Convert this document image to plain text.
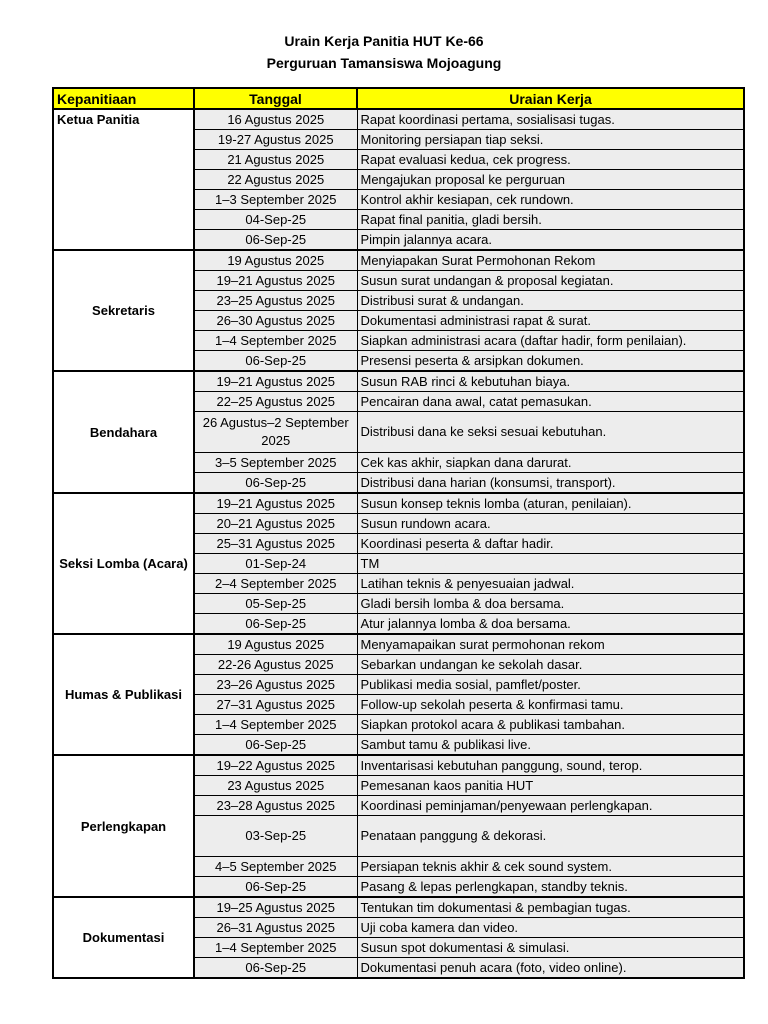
Urain Kerja Panitia HUT Ke-66
Perguruan Tamansiswa Mojoagung
Kepanitiaan	Tanggal	Uraian Kerja
Ketua Panitia	16 Agustus 2025	Rapat koordinasi pertama, sosialisasi tugas.
	19-27 Agustus 2025	Monitoring persiapan tiap seksi.
	21 Agustus 2025	Rapat evaluasi kedua, cek progress.
	22 Agustus 2025	Mengajukan proposal ke perguruan
	1–3 September 2025	Kontrol akhir kesiapan, cek rundown.
	04-Sep-25	Rapat final panitia, gladi bersih.
	06-Sep-25	Pimpin jalannya acara.
Sekretaris	19 Agustus 2025	Menyiapakan Surat Permohonan Rekom
	19–21 Agustus 2025	Susun surat undangan & proposal kegiatan.
	23–25 Agustus 2025	Distribusi surat & undangan.
	26–30 Agustus 2025	Dokumentasi administrasi rapat & surat.
	1–4 September 2025	Siapkan administrasi acara (daftar hadir, form penilaian).
	06-Sep-25	Presensi peserta & arsipkan dokumen.
Bendahara	19–21 Agustus 2025	Susun RAB rinci & kebutuhan biaya.
	22–25 Agustus 2025	Pencairan dana awal, catat pemasukan.
	26 Agustus–2 September 2025	Distribusi dana ke seksi sesuai kebutuhan.
	3–5 September 2025	Cek kas akhir, siapkan dana darurat.
	06-Sep-25	Distribusi dana harian (konsumsi, transport).
Seksi Lomba (Acara)	19–21 Agustus 2025	Susun konsep teknis lomba (aturan, penilaian).
	20–21 Agustus 2025	Susun rundown acara.
	25–31 Agustus 2025	Koordinasi peserta & daftar hadir.
	01-Sep-24	TM
	2–4 September 2025	Latihan teknis & penyesuaian jadwal.
	05-Sep-25	Gladi bersih lomba & doa bersama.
	06-Sep-25	Atur jalannya lomba & doa bersama.
Humas & Publikasi	19 Agustus 2025	Menyamapaikan surat permohonan rekom
	22-26 Agustus 2025	Sebarkan undangan ke sekolah dasar.
	23–26 Agustus 2025	Publikasi media sosial, pamflet/poster.
	27–31 Agustus 2025	Follow-up sekolah peserta & konfirmasi tamu.
	1–4 September 2025	Siapkan protokol acara & publikasi tambahan.
	06-Sep-25	Sambut tamu & publikasi live.
Perlengkapan	19–22 Agustus 2025	Inventarisasi kebutuhan panggung, sound, terop.
	23 Agustus 2025	Pemesanan kaos panitia HUT
	23–28 Agustus 2025	Koordinasi peminjaman/penyewaan perlengkapan.
	03-Sep-25	Penataan panggung & dekorasi.
	4–5 September 2025	Persiapan teknis akhir & cek sound system.
	06-Sep-25	Pasang & lepas perlengkapan, standby teknis.
Dokumentasi	19–25 Agustus 2025	Tentukan tim dokumentasi & pembagian tugas.
	26–31 Agustus 2025	Uji coba kamera dan video.
	1–4 September 2025	Susun spot dokumentasi & simulasi.
	06-Sep-25	Dokumentasi penuh acara (foto, video online).
